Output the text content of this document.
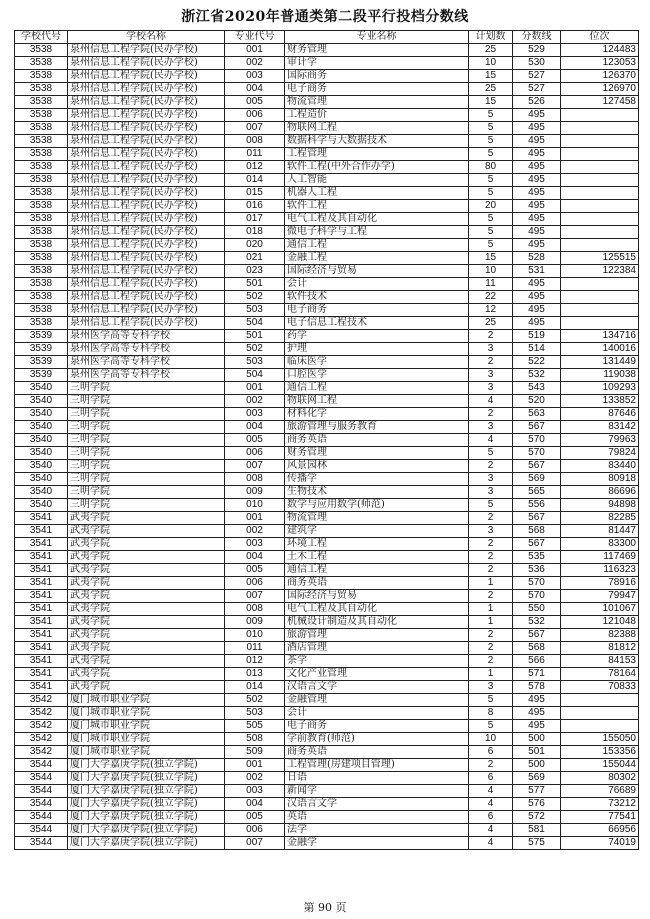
浙江省2020年普通类第二段平行投档分数线
学校代号	学校名称	专业代号	专业名称	计划数	分数线	位次
3538	泉州信息工程学院(民办学校)	001	财务管理	25	529	124483
3538	泉州信息工程学院(民办学校)	002	审计学	10	530	123053
3538	泉州信息工程学院(民办学校)	003	国际商务	15	527	126370
3538	泉州信息工程学院(民办学校)	004	电子商务	25	527	126970
3538	泉州信息工程学院(民办学校)	005	物流管理	15	526	127458
3538	泉州信息工程学院(民办学校)	006	工程造价	5	495	
3538	泉州信息工程学院(民办学校)	007	物联网工程	5	495	
3538	泉州信息工程学院(民办学校)	008	数据科学与大数据技术	5	495	
3538	泉州信息工程学院(民办学校)	011	工程管理	5	495	
3538	泉州信息工程学院(民办学校)	012	软件工程(中外合作办学)	80	495	
3538	泉州信息工程学院(民办学校)	014	人工智能	5	495	
3538	泉州信息工程学院(民办学校)	015	机器人工程	5	495	
3538	泉州信息工程学院(民办学校)	016	软件工程	20	495	
3538	泉州信息工程学院(民办学校)	017	电气工程及其自动化	5	495	
3538	泉州信息工程学院(民办学校)	018	微电子科学与工程	5	495	
3538	泉州信息工程学院(民办学校)	020	通信工程	5	495	
3538	泉州信息工程学院(民办学校)	021	金融工程	15	528	125515
3538	泉州信息工程学院(民办学校)	023	国际经济与贸易	10	531	122384
3538	泉州信息工程学院(民办学校)	501	会计	11	495	
3538	泉州信息工程学院(民办学校)	502	软件技术	22	495	
3538	泉州信息工程学院(民办学校)	503	电子商务	12	495	
3538	泉州信息工程学院(民办学校)	504	电子信息工程技术	25	495	
3539	泉州医学高等专科学校	501	药学	2	519	134716
3539	泉州医学高等专科学校	502	护理	3	514	140016
3539	泉州医学高等专科学校	503	临床医学	2	522	131449
3539	泉州医学高等专科学校	504	口腔医学	3	532	119038
3540	三明学院	001	通信工程	3	543	109293
3540	三明学院	002	物联网工程	4	520	133852
3540	三明学院	003	材料化学	2	563	87646
3540	三明学院	004	旅游管理与服务教育	3	567	83142
3540	三明学院	005	商务英语	4	570	79963
3540	三明学院	006	财务管理	5	570	79824
3540	三明学院	007	风景园林	2	567	83440
3540	三明学院	008	传播学	3	569	80918
3540	三明学院	009	生物技术	3	565	86696
3540	三明学院	010	数学与应用数学(师范)	5	556	94898
3541	武夷学院	001	物流管理	2	567	82285
3541	武夷学院	002	建筑学	3	568	81447
3541	武夷学院	003	环境工程	2	567	83300
3541	武夷学院	004	土木工程	2	535	117469
3541	武夷学院	005	通信工程	2	536	116323
3541	武夷学院	006	商务英语	1	570	78916
3541	武夷学院	007	国际经济与贸易	2	570	79947
3541	武夷学院	008	电气工程及其自动化	1	550	101067
3541	武夷学院	009	机械设计制造及其自动化	1	532	121048
3541	武夷学院	010	旅游管理	2	567	82388
3541	武夷学院	011	酒店管理	2	568	81812
3541	武夷学院	012	茶学	2	566	84153
3541	武夷学院	013	文化产业管理	1	571	78164
3541	武夷学院	014	汉语言文学	3	578	70833
3542	厦门城市职业学院	502	金融管理	5	495	
3542	厦门城市职业学院	503	会计	8	495	
3542	厦门城市职业学院	505	电子商务	5	495	
3542	厦门城市职业学院	508	学前教育(师范)	10	500	155050
3542	厦门城市职业学院	509	商务英语	6	501	153356
3544	厦门大学嘉庚学院(独立学院)	001	工程管理(房建项目管理)	2	500	155044
3544	厦门大学嘉庚学院(独立学院)	002	日语	6	569	80302
3544	厦门大学嘉庚学院(独立学院)	003	新闻学	4	577	76689
3544	厦门大学嘉庚学院(独立学院)	004	汉语言文学	4	576	73212
3544	厦门大学嘉庚学院(独立学院)	005	英语	6	572	77541
3544	厦门大学嘉庚学院(独立学院)	006	法学	4	581	66956
3544	厦门大学嘉庚学院(独立学院)	007	金融学	4	575	74019
第 90 页
